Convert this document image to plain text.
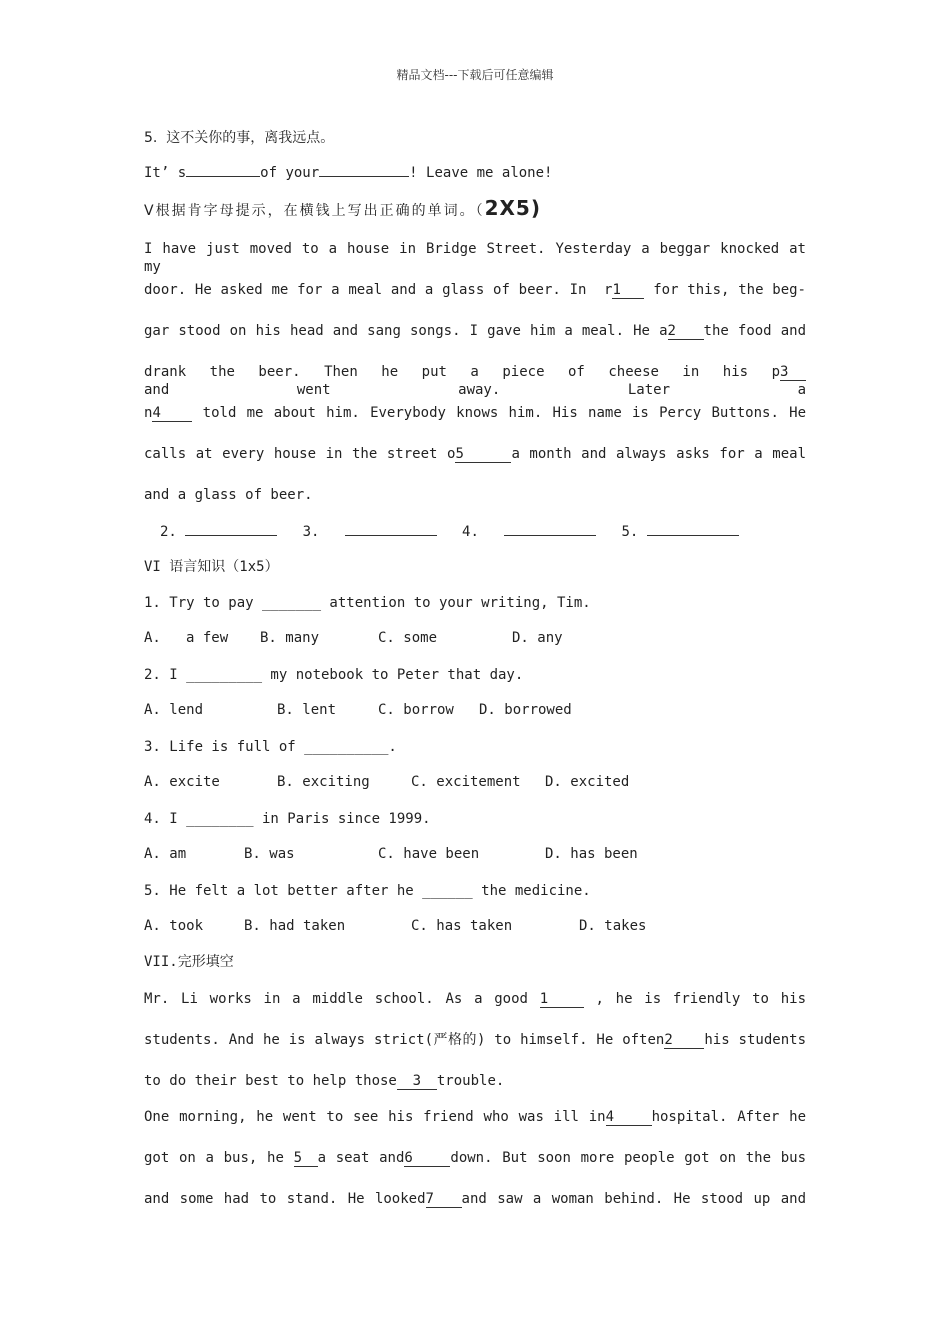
精品文档---下载后可任意编辑
5.  这不关你的事，离我远点。
It’ s	of your	! Leave me alone!
V根据肯字母提示，在横钱上写出正确的单词。（2X5)
I have just moved to a house in Bridge Street. Yesterday a beggar knocked at my
door. He asked me for a meal and a glass of beer. In  r1 for this, the beg-
gar stood on his head and sang songs. I gave him a meal. He a2 the food and
drank the beer. Then he put a piece of cheese in his p3and went away. Later a
n4 told me about him. Everybody knows him. His name is Percy Buttons. He
calls at every house in the street o5	a month and always asks for a meal
and a glass of beer.
2.	3.	4.	5.
VI 语言知识（1x5）
1. Try to pay _______ attention to your writing, Tim.
A. a few B. many	C. some	D. any
2. I _________ my notebook to Peter that day.
A. lend	B. lent	C. borrow D. borrowed
3. Life is full of __________.
A. excite	B. exciting	C. excitement D. excited
4. I ________ in Paris since 1999.
A. am	B. was	C. have been	D. has been
5. He felt a lot better after he ______ the medicine.
A. took	B. had taken	C. has taken	D. takes
VII.完形填空
Mr. Li works in a middle school. As a good 1	, he is friendly to his
students. And he is always strict(严格的) to himself. He often2 his students
to do their best to help those 3 trouble.
One morning, he went to see his friend who was ill in4	hospital. After he
got on a bus, he 5 a seat and6	down. But soon more people got on the bus
and some had to stand. He looked7 and saw a woman behind. He stood up and
